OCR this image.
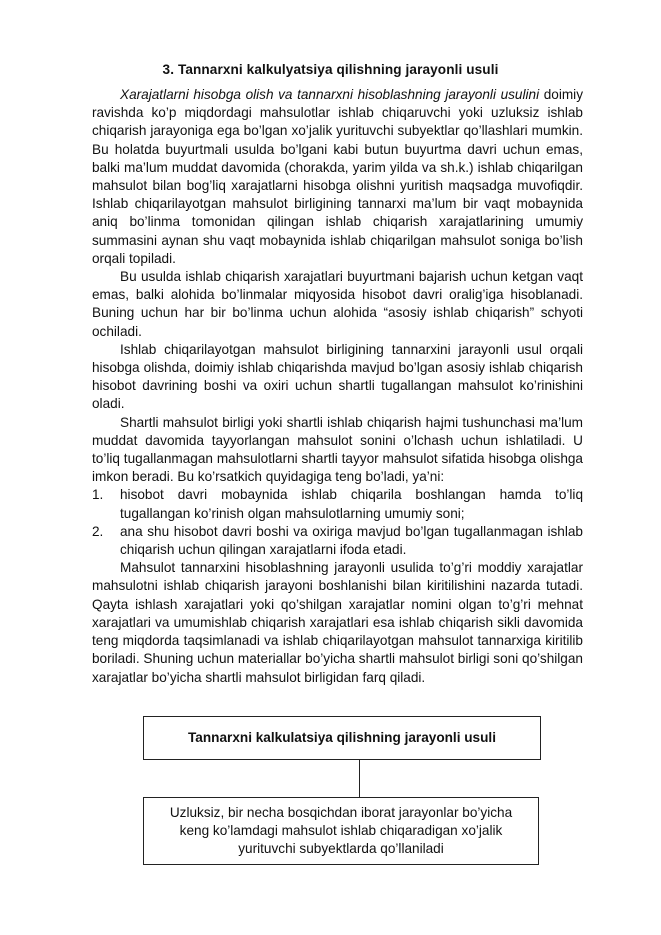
3. Tannarxni kalkulyatsiya qilishning jarayonli usuli

Xarajatlarni hisobga olish va tannarxni hisoblashning jarayonli usulini doimiy ravishda ko’p miqdordagi mahsulotlar ishlab chiqaruvchi yoki uzluksiz ishlab chiqarish jarayoniga ega bo’lgan xo’jalik yurituvchi subyektlar qo’llashlari mumkin. Bu holatda buyurtmali usulda bo’lgani kabi butun buyurtma davri uchun emas, balki ma’lum muddat davomida (chorakda, yarim yilda va sh.k.) ishlab chiqarilgan mahsulot bilan bog’liq xarajatlarni hisobga olishni yuritish maqsadga muvofiqdir. Ishlab chiqarilayotgan mahsulot birligining tannarxi ma’lum bir vaqt mobaynida aniq bo’linma tomonidan qilingan ishlab chiqarish xarajatlarining umumiy summasini aynan shu vaqt mobaynida ishlab chiqarilgan mahsulot soniga bo’lish orqali topiladi.

Bu usulda ishlab chiqarish xarajatlari buyurtmani bajarish uchun ketgan vaqt emas, balki alohida bo’linmalar miqyosida hisobot davri oralig’iga hisoblanadi. Buning uchun har bir bo’linma uchun alohida “asosiy ishlab chiqarish” schyoti ochiladi.

Ishlab chiqarilayotgan mahsulot birligining tannarxini jarayonli usul orqali hisobga olishda, doimiy ishlab chiqarishda mavjud bo’lgan asosiy ishlab chiqarish hisobot davrining boshi va oxiri uchun shartli tugallangan mahsulot ko’rinishini oladi.

Shartli mahsulot birligi yoki shartli ishlab chiqarish hajmi tushunchasi ma’lum muddat davomida tayyorlangan mahsulot sonini o’lchash uchun ishlatiladi. U to’liq tugallanmagan mahsulotlarni shartli tayyor mahsulot sifatida hisobga olishga imkon beradi. Bu ko’rsatkich quyidagiga teng bo’ladi, ya’ni:

1. hisobot davri mobaynida ishlab chiqarila boshlangan hamda to’liq tugallangan ko’rinish olgan mahsulotlarning umumiy soni;
2. ana shu hisobot davri boshi va oxiriga mavjud bo’lgan tugallanmagan ishlab chiqarish uchun qilingan xarajatlarni ifoda etadi.

Mahsulot tannarxini hisoblashning jarayonli usulida to’g’ri moddiy xarajatlar mahsulotni ishlab chiqarish jarayoni boshlanishi bilan kiritilishini nazarda tutadi. Qayta ishlash xarajatlari yoki qo’shilgan xarajatlar nomini olgan to’g’ri mehnat xarajatlari va umumishlab chiqarish xarajatlari esa ishlab chiqarish sikli davomida teng miqdorda taqsimlanadi va ishlab chiqarilayotgan mahsulot tannarxiga kiritilib boriladi. Shuning uchun materiallar bo’yicha shartli mahsulot birligi soni qo’shilgan xarajatlar bo’yicha shartli mahsulot birligidan farq qiladi.

Tannarxni kalkulatsiya qilishning jarayonli usuli
Uzluksiz, bir necha bosqichdan iborat jarayonlar bo’yicha keng ko’lamdagi mahsulot ishlab chiqaradigan xo’jalik yurituvchi subyektlarda qo’llaniladi
